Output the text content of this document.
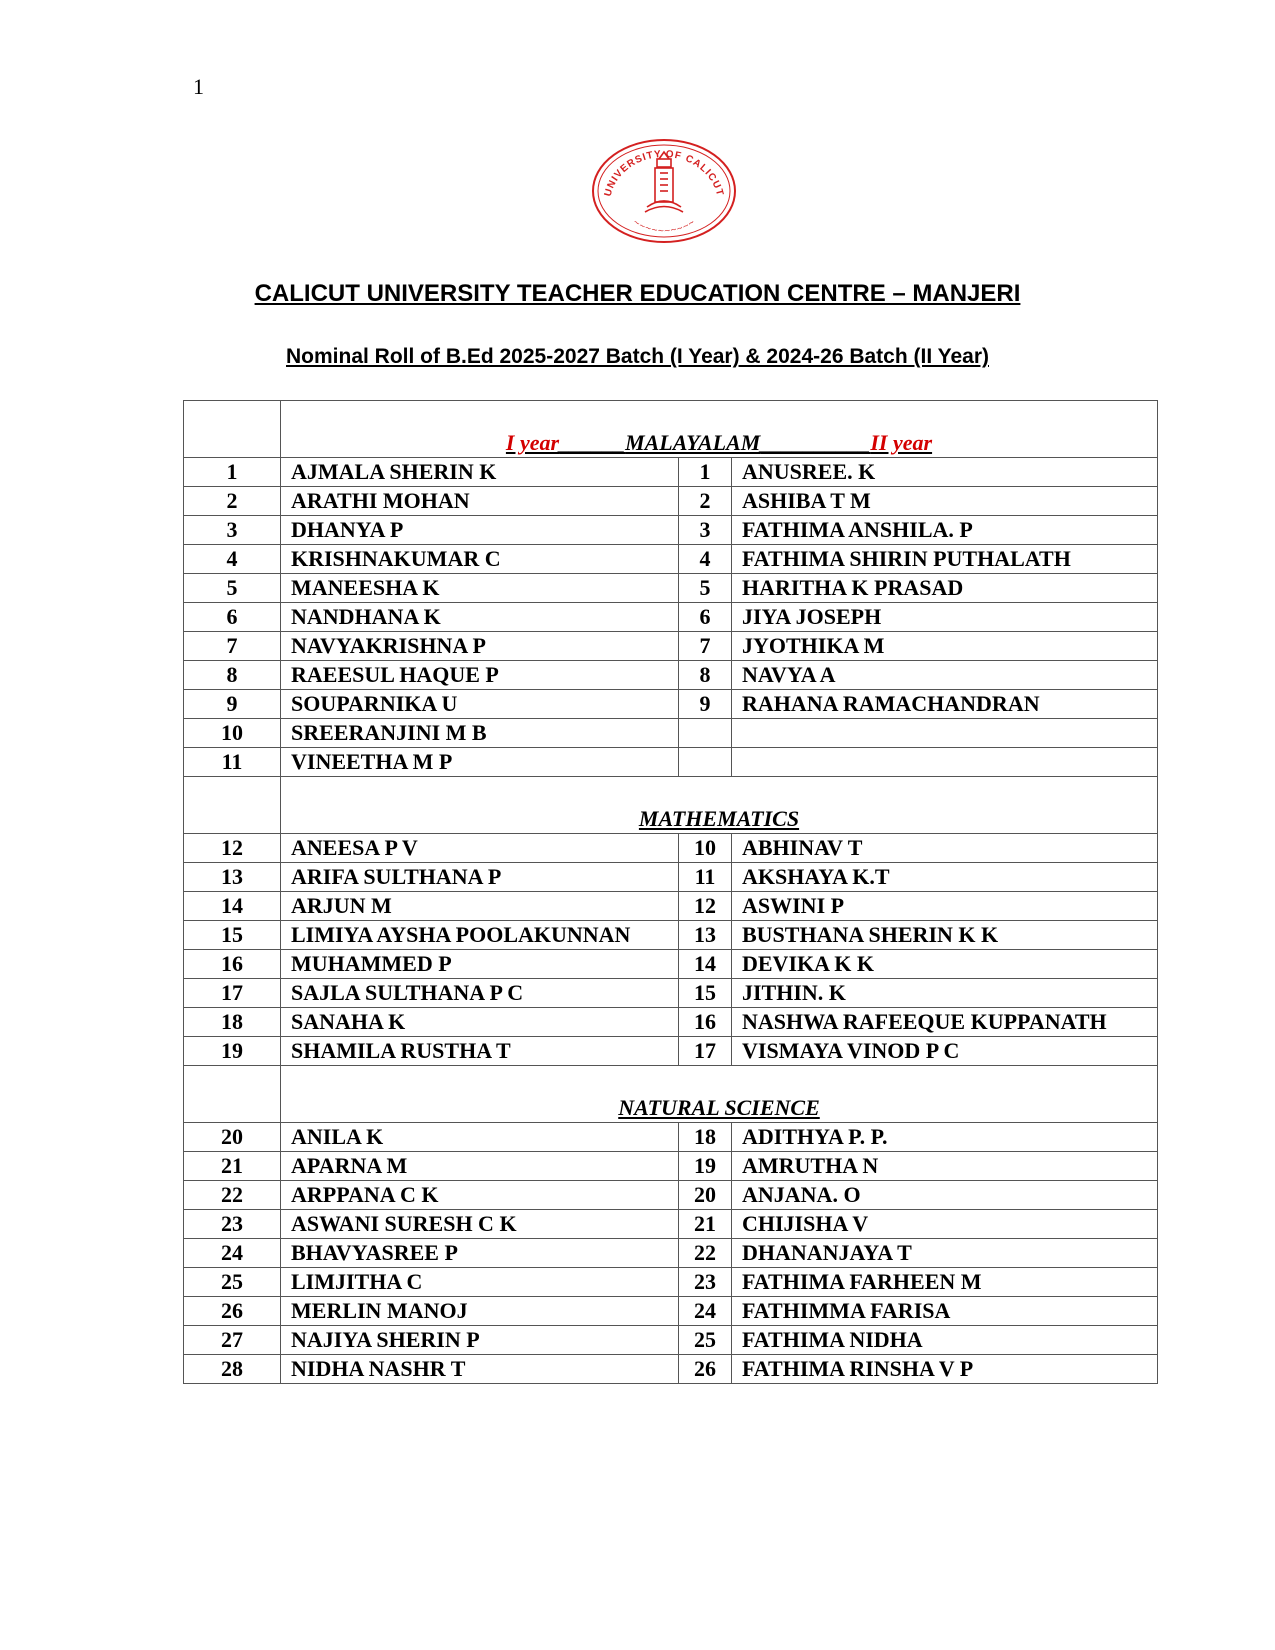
1
UNIVERSITY OF CALICUT
~~~~~~~~~~
CALICUT UNIVERSITY TEACHER EDUCATION CENTRE – MANJERI
Nominal Roll of B.Ed 2025-2027 Batch (I Year) & 2024-26 Batch (II Year)
	I year______MALAYALAM__________II year		
1	AJMALA SHERIN K	1	ANUSREE. K
2	ARATHI MOHAN	2	ASHIBA T M
3	DHANYA P	3	FATHIMA ANSHILA. P
4	KRISHNAKUMAR C	4	FATHIMA SHIRIN PUTHALATH
5	MANEESHA K	5	HARITHA K PRASAD
6	NANDHANA K	6	JIYA JOSEPH
7	NAVYAKRISHNA P	7	JYOTHIKA M
8	RAEESUL HAQUE P	8	NAVYA A
9	SOUPARNIKA U	9	RAHANA RAMACHANDRAN
10	SREERANJINI M B		
11	VINEETHA M P		
	MATHEMATICS		
12	ANEESA P V	10	ABHINAV T
13	ARIFA SULTHANA P	11	AKSHAYA K.T
14	ARJUN M	12	ASWINI P
15	LIMIYA AYSHA POOLAKUNNAN	13	BUSTHANA SHERIN K K
16	MUHAMMED P	14	DEVIKA K K
17	SAJLA SULTHANA P C	15	JITHIN. K
18	SANAHA K	16	NASHWA RAFEEQUE KUPPANATH
19	SHAMILA RUSTHA T	17	VISMAYA VINOD P C
	NATURAL SCIENCE		
20	ANILA K	18	ADITHYA P. P.
21	APARNA M	19	AMRUTHA N
22	ARPPANA C K	20	ANJANA. O
23	ASWANI SURESH C K	21	CHIJISHA V
24	BHAVYASREE P	22	DHANANJAYA T
25	LIMJITHA C	23	FATHIMA FARHEEN M
26	MERLIN MANOJ	24	FATHIMMA FARISA
27	NAJIYA SHERIN P	25	FATHIMA NIDHA
28	NIDHA NASHR T	26	FATHIMA RINSHA V P
